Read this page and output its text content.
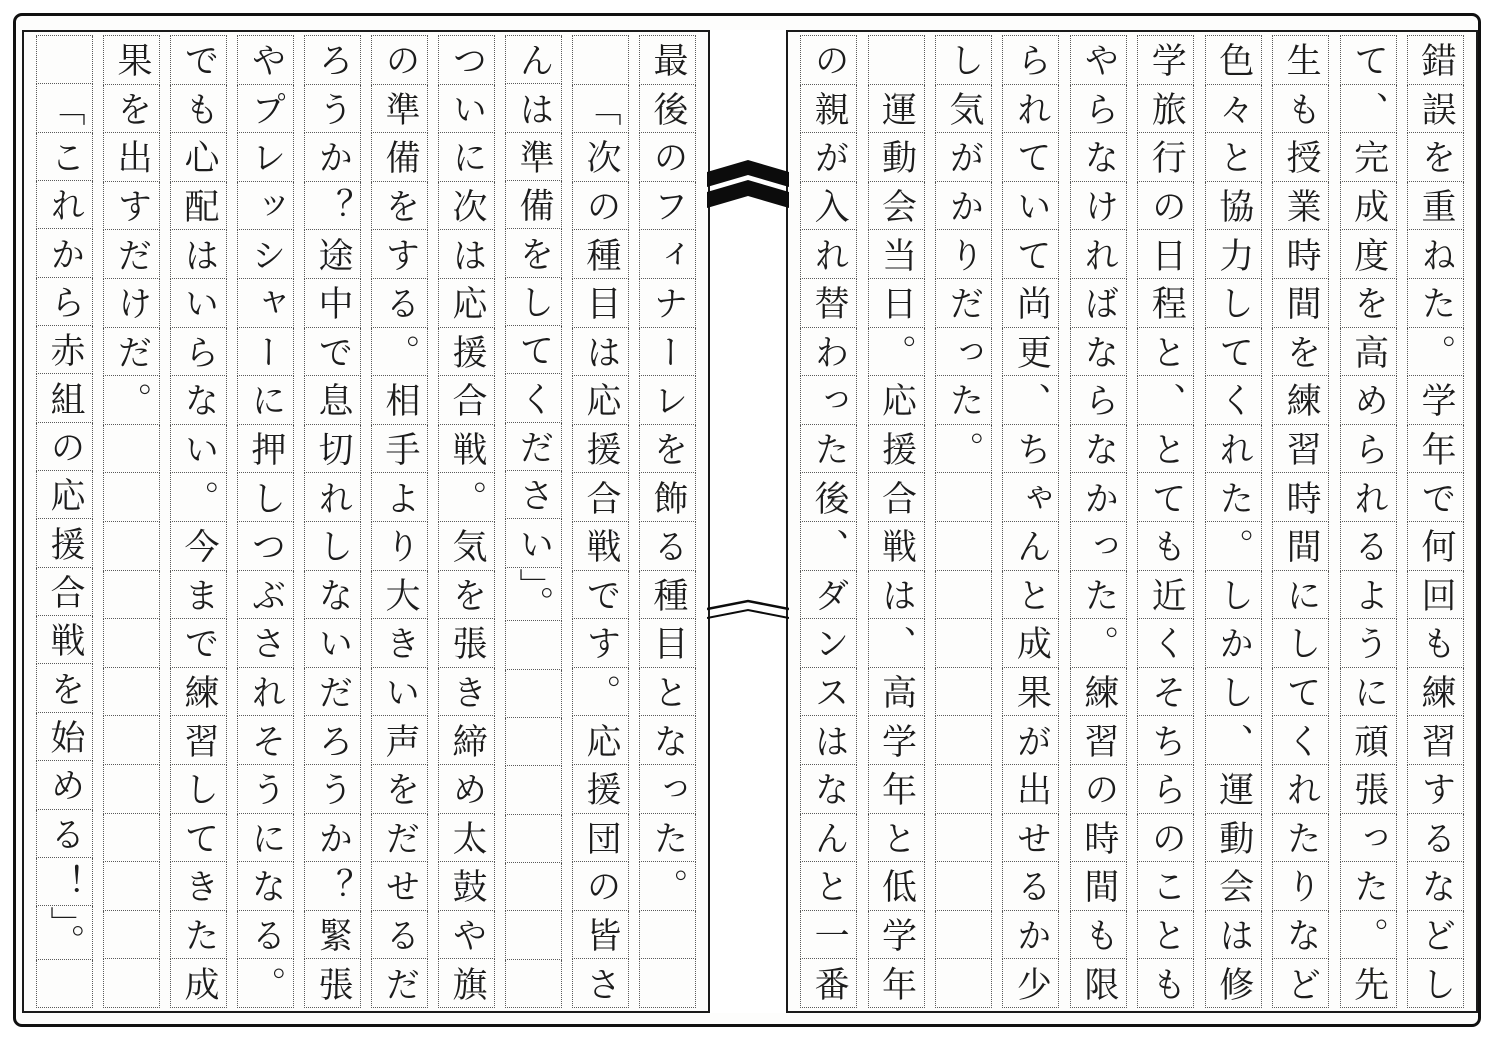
最
後
の
フ
ィ
ナ
ー
レ
を
飾
る
種
目
と
な
っ
た
。
「
次
の
種
目
は
応
援
合
戦
で
す
。
応
援
団
の
皆
さ
ん
は
準
備
を
し
て
く
だ
さ
い
」。
つ
い
に
次
は
応
援
合
戦
。
気
を
張
き
締
め
太
鼓
や
旗
の
準
備
を
す
る
。
相
手
よ
り
大
き
い
声
を
だ
せ
る
だ
ろ
う
か
？
途
中
で
息
切
れ
し
な
い
だ
ろ
う
か
？
緊
張
や
プ
レ
ッ
シ
ャ
ー
に
押
し
つ
ぶ
さ
れ
そ
う
に
な
る
。
で
も
心
配
は
い
ら
な
い
。
今
ま
で
練
習
し
て
き
た
成
果
を
出
す
だ
け
だ
。
「
こ
れ
か
ら
赤
組
の
応
援
合
戦
を
始
め
る
！
」。
錯
誤
を
重
ね
た
。
学
年
で
何
回
も
練
習
す
る
な
ど
し
て
、
完
成
度
を
高
め
ら
れ
る
よ
う
に
頑
張
っ
た
。
先
生
も
授
業
時
間
を
練
習
時
間
に
し
て
く
れ
た
り
な
ど
色
々
と
協
力
し
て
く
れ
た
。
し
か
し
、
運
動
会
は
修
学
旅
行
の
日
程
と
、
と
て
も
近
く
そ
ち
ら
の
こ
と
も
や
ら
な
け
れ
ば
な
ら
な
か
っ
た
。
練
習
の
時
間
も
限
ら
れ
て
い
て
尚
更
、
ち
ゃ
ん
と
成
果
が
出
せ
る
か
少
し
気
が
か
り
だ
っ
た
。
運
動
会
当
日
。
応
援
合
戦
は
、
高
学
年
と
低
学
年
の
親
が
入
れ
替
わ
っ
た
後
、
ダ
ン
ス
は
な
ん
と
一
番
